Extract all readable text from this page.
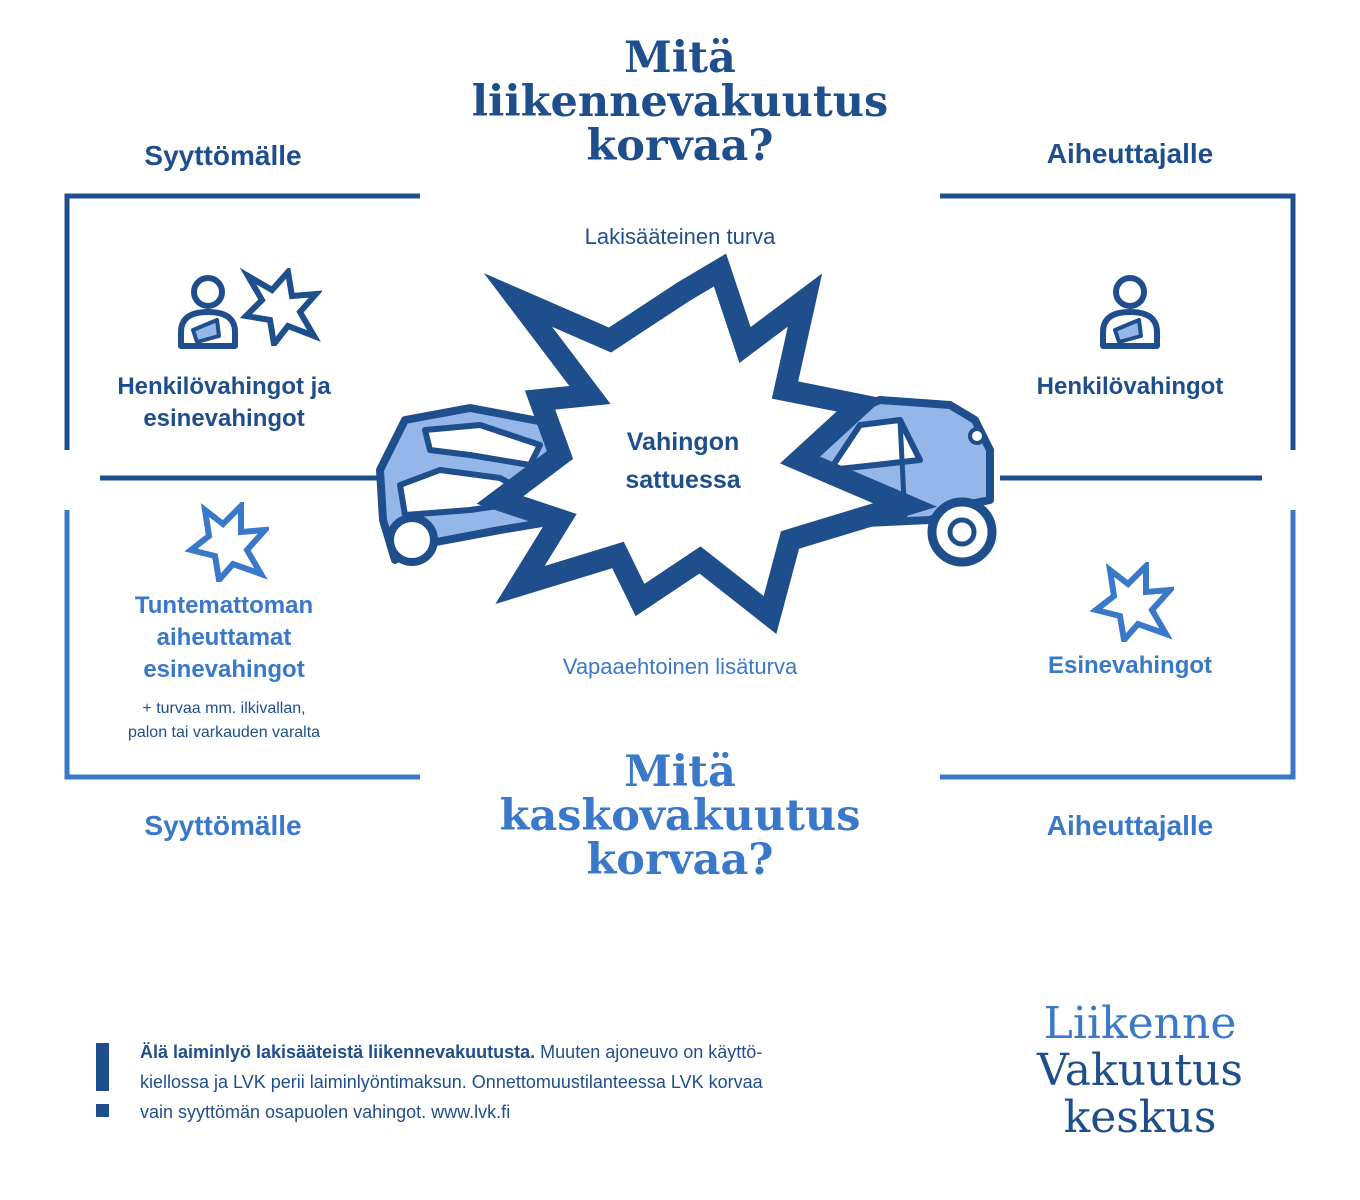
Vahingon
sattuessa
Mitä
liikennevakuutus
korvaa?
Syyttömälle	Aiheuttajalle
Lakisääteinen turva
Henkilövahingot ja
esinevahingot
Henkilövahingot
Vapaaehtoinen lisäturva
Tuntemattoman
aiheuttamat
esinevahingot
+ turvaa mm. ilkivallan,
palon tai varkauden varalta
Esinevahingot
Syyttömälle	Aiheuttajalle
Mitä
kaskovakuutus
korvaa?
Älä laiminlyö lakisääteistä liikennevakuutusta. Muuten ajoneuvo on käyttö-
kiellossa ja LVK perii laiminlyöntimaksun. Onnettomuustilanteessa LVK korvaa
vain syyttömän osapuolen vahingot. www.lvk.fi
Liikenne
Vakuutus
keskus
